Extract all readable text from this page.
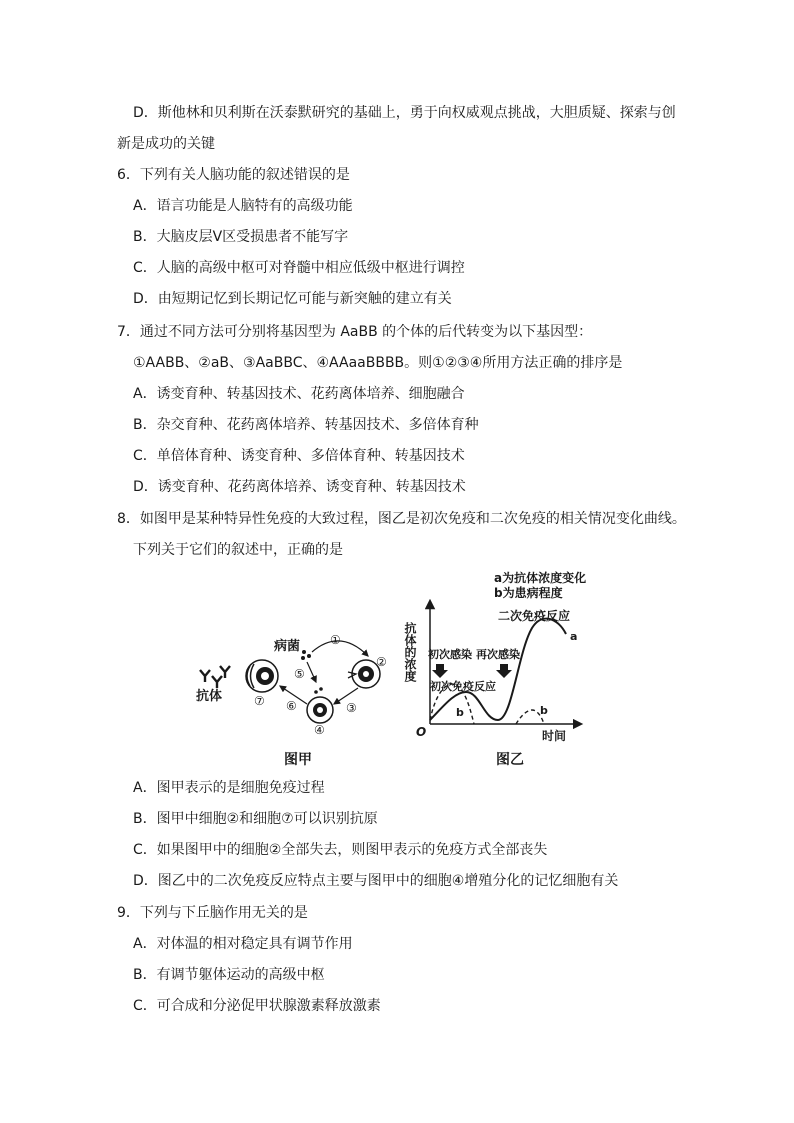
D．斯他林和贝利斯在沃泰默研究的基础上，勇于向权威观点挑战，大胆质疑、探索与创
新是成功的关键
6．下列有关人脑功能的叙述错误的是
A．语言功能是人脑特有的高级功能
B．大脑皮层Ⅴ区受损患者不能写字
C．人脑的高级中枢可对脊髓中相应低级中枢进行调控
D．由短期记忆到长期记忆可能与新突触的建立有关
7．通过不同方法可分别将基因型为 AaBB 的个体的后代转变为以下基因型：
①AABB、②aB、③AaBBC、④AAaaBBBB。则①②③④所用方法正确的排序是
A．诱变育种、转基因技术、花药离体培养、细胞融合
B．杂交育种、花药离体培养、转基因技术、多倍体育种
C．单倍体育种、诱变育种、多倍体育种、转基因技术
D．诱变育种、花药离体培养、诱变育种、转基因技术
8．如图甲是某种特异性免疫的大致过程，图乙是初次免疫和二次免疫的相关情况变化曲线。
下列关于它们的叙述中，正确的是
抗体	⑦
④
②
病菌 ①
⑤
③
⑥
图甲
a为抗体浓度变化
b为患病程度
二次免疫反应
抗体的浓度
时间
O
初次感染 再次感染
初次免疫反应
a
b	b
图乙
A．图甲表示的是细胞免疫过程
B．图甲中细胞②和细胞⑦可以识别抗原
C．如果图甲中的细胞②全部失去，则图甲表示的免疫方式全部丧失
D．图乙中的二次免疫反应特点主要与图甲中的细胞④增殖分化的记忆细胞有关
9．下列与下丘脑作用无关的是
A．对体温的相对稳定具有调节作用
B．有调节躯体运动的高级中枢
C．可合成和分泌促甲状腺激素释放激素
